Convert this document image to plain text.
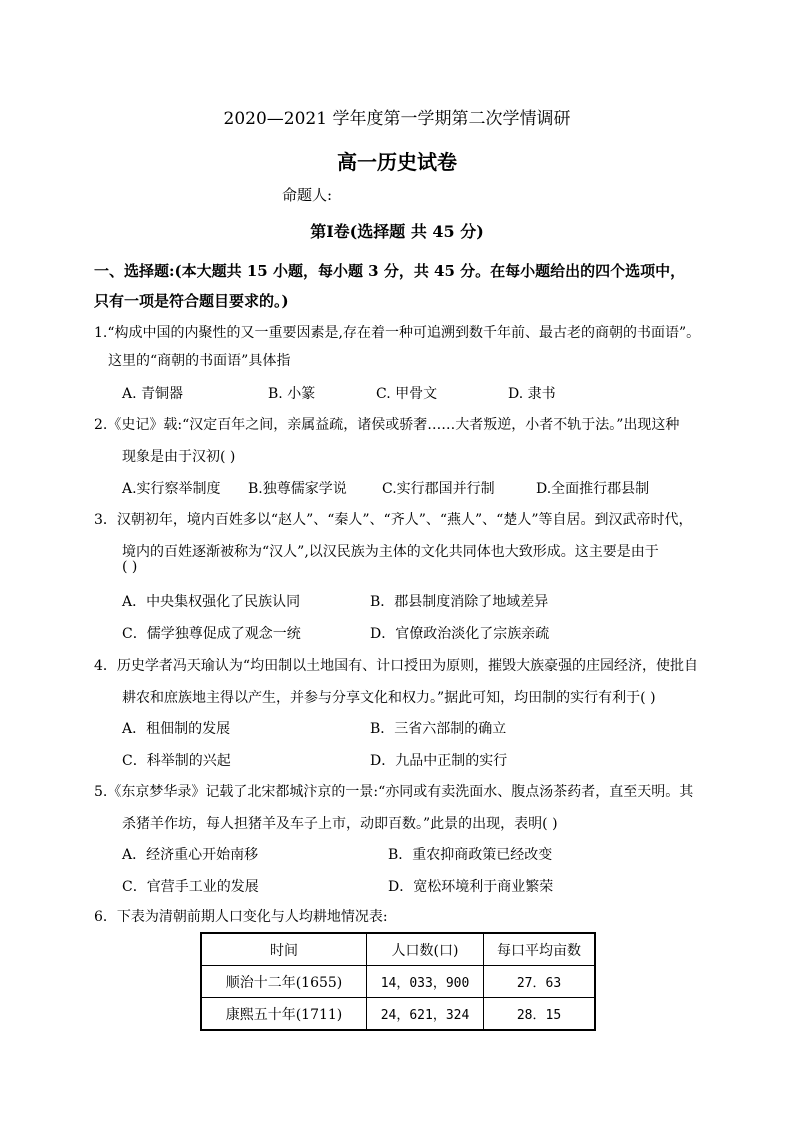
2020—2021 学年度第一学期第二次学情调研
高一历史试卷
命题人:
第Ⅰ卷(选择题 共 45 分)
一、选择题:(本大题共 15 小题，每小题 3 分，共 45 分。在每小题给出的四个选项中，
只有一项是符合题目要求的。)
1.“构成中国的内聚性的又一重要因素是,存在着一种可追溯到数千年前、最古老的商朝的书面语”。
这里的“商朝的书面语”具体指
A. 青铜器	B. 小篆	C. 甲骨文	D. 隶书
2.《史记》载:“汉定百年之间，亲属益疏，诸侯或骄奢……大者叛逆，小者不轨于法。”出现这种
现象是由于汉初( )
A.实行察举制度 B.独尊儒家学说	C.实行郡国并行制	D.全面推行郡县制
3．汉朝初年，境内百姓多以“赵人”、“秦人”、“齐人”、“燕人”、“楚人”等自居。到汉武帝时代，
境内的百姓逐渐被称为“汉人”,以汉民族为主体的文化共同体也大致形成。这主要是由于
( )
A．中央集权强化了民族认同	B．郡县制度消除了地域差异
C．儒学独尊促成了观念一统	D．官僚政治淡化了宗族亲疏
4．历史学者冯天瑜认为“均田制以土地国有、计口授田为原则，摧毁大族豪强的庄园经济，使批自
耕农和庶族地主得以产生，并参与分享文化和权力。”据此可知，均田制的实行有利于( )
A．租佃制的发展	B．三省六部制的确立
C．科举制的兴起	D．九品中正制的实行
5.《东京梦华录》记载了北宋都城汴京的一景:“亦同或有卖洗面水、腹点汤茶药者，直至天明。其
杀猪羊作坊，每人担猪羊及车子上市，动即百数。”此景的出现，表明( )
A．经济重心开始南移	B．重农抑商政策已经改变
C．官营手工业的发展	D．宽松环境利于商业繁荣
6．下表为清朝前期人口变化与人均耕地情况表:
时间	人口数(口)	每口平均亩数
顺治十二年(1655)	14，033，900	27．63
康熙五十年(1711)	24，621，324	28．15
